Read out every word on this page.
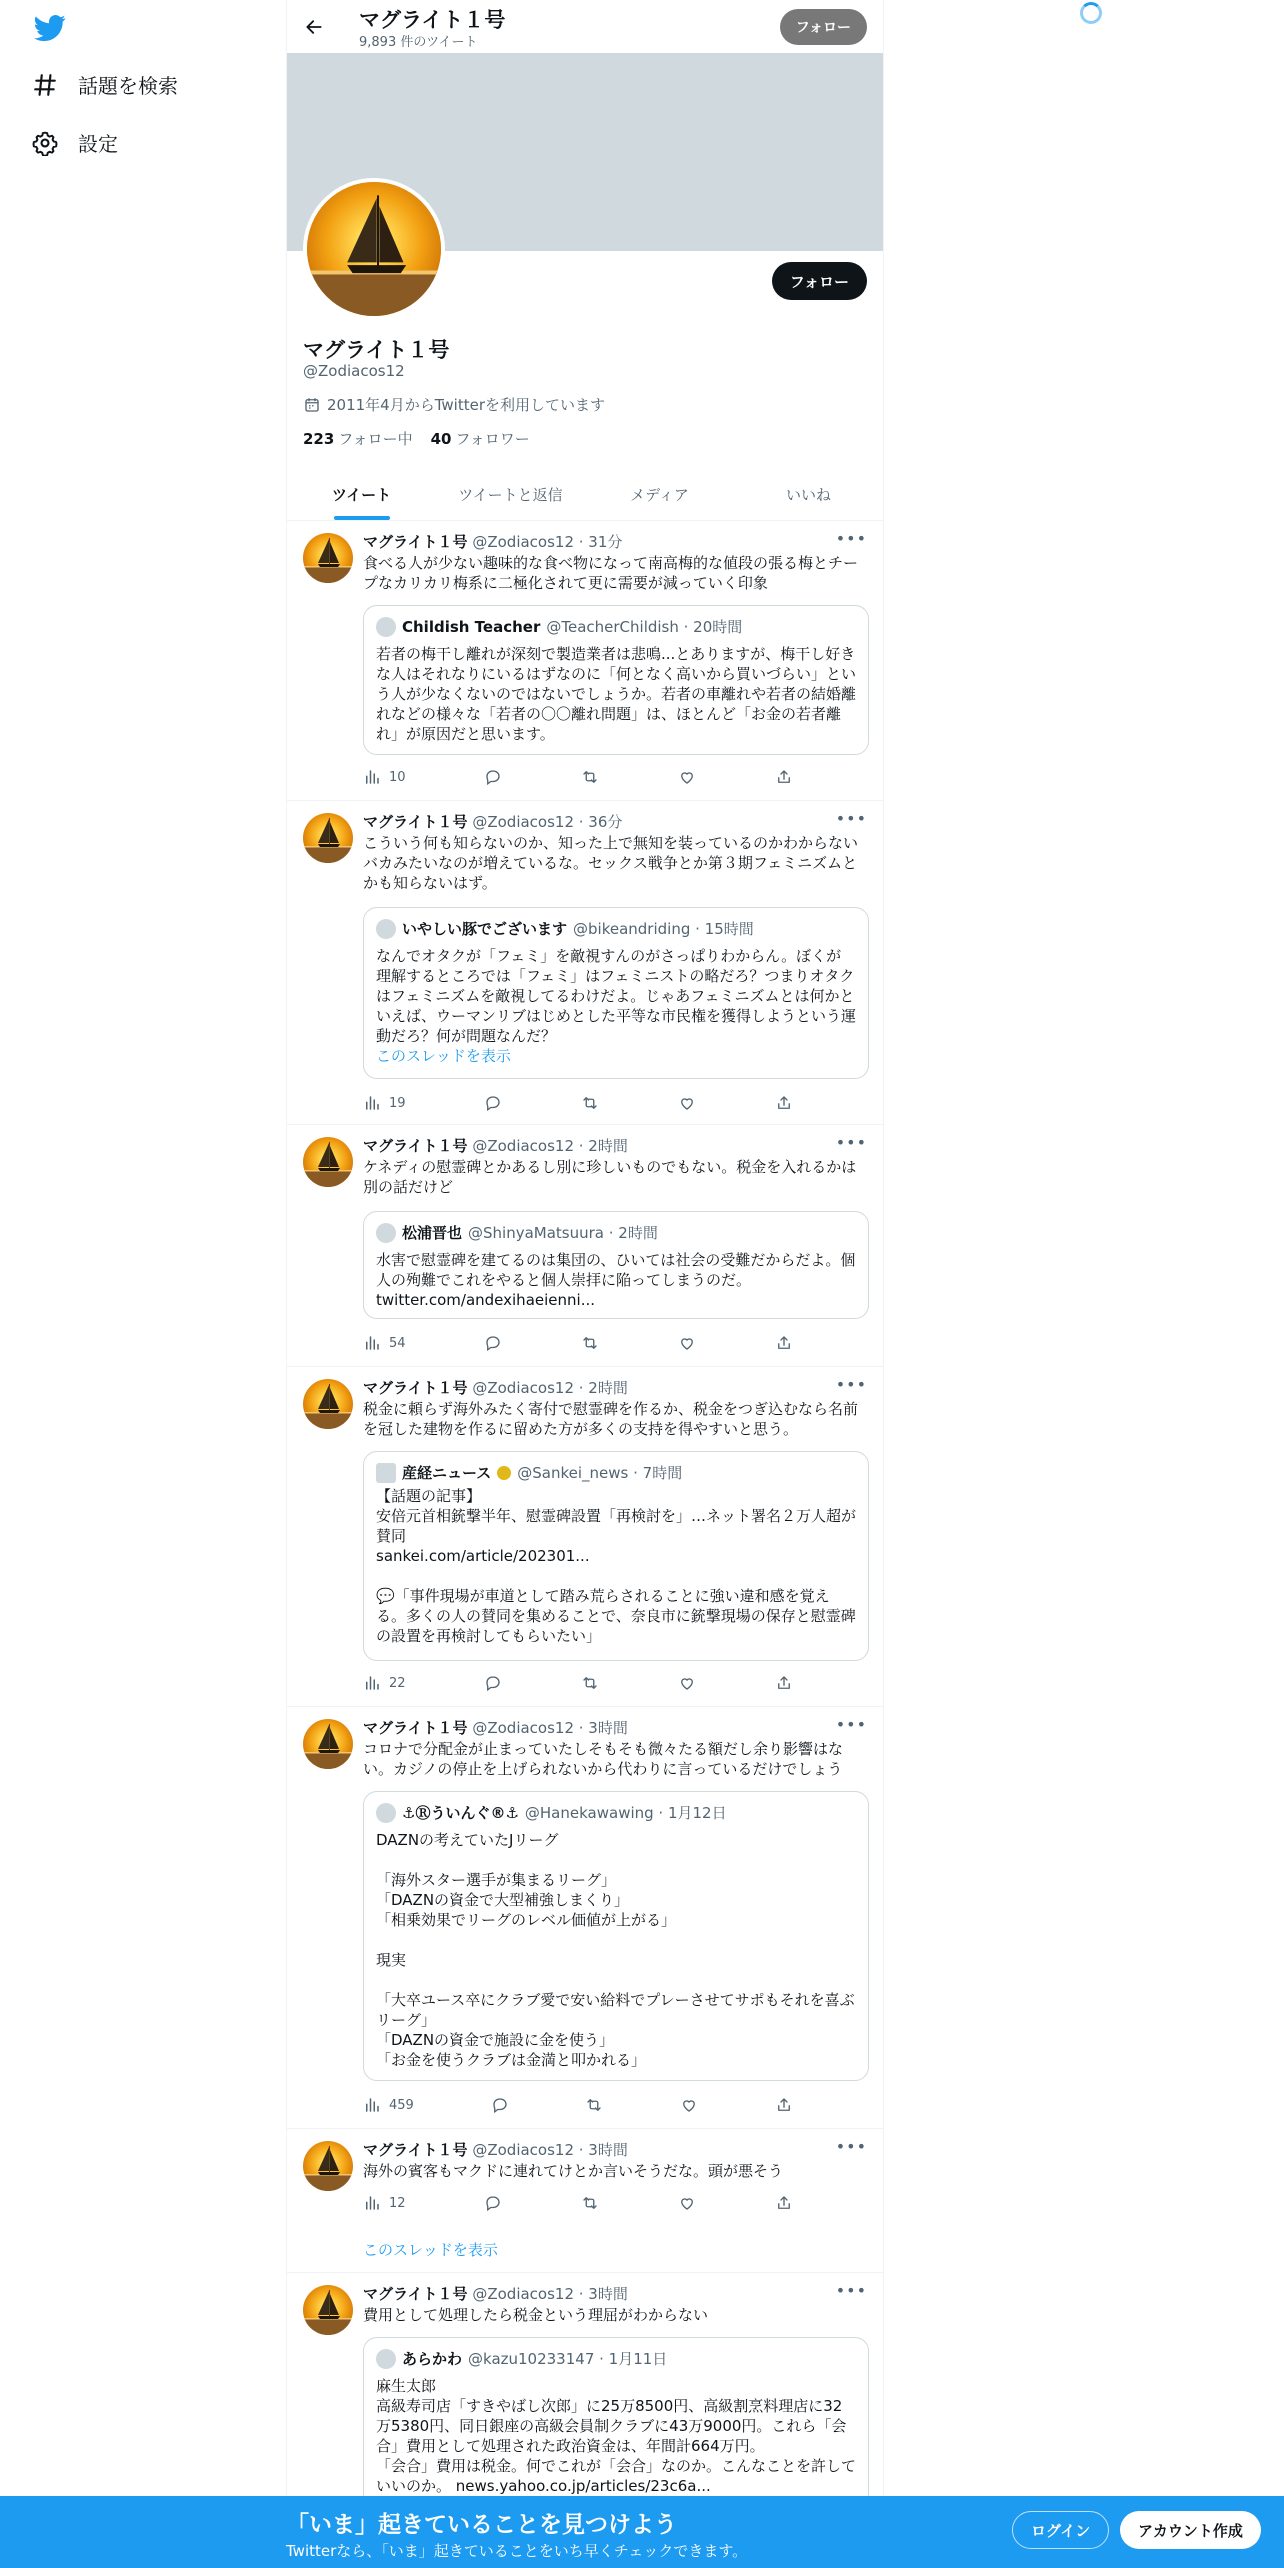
話題を検索
設定
マグライト１号
9,893 件のツイート
フォロー
フォロー
マグライト１号
@Zodiacos12
2011年4月からTwitterを利用しています
223 フォロー中 40 フォロワー
ツイート	ツイートと返信	メディア	いいね
マグライト１号 @Zodiacos12 · 31分	•••
食べる人が少ない趣味的な食べ物になって南高梅的な値段の張る梅とチープなカリカリ梅系に二極化されて更に需要が減っていく印象
Childish Teacher @TeacherChildish · 20時間
若者の梅干し離れが深刻で製造業者は悲鳴...とありますが、梅干し好きな人はそれなりにいるはずなのに「何となく高いから買いづらい」という人が少なくないのではないでしょうか。若者の車離れや若者の結婚離れなどの様々な「若者の〇〇離れ問題」は、ほとんど「お金の若者離れ」が原因だと思います。
10
マグライト１号 @Zodiacos12 · 36分	•••
こういう何も知らないのか、知った上で無知を装っているのかわからないバカみたいなのが増えているな。セックス戦争とか第３期フェミニズムとかも知らないはず。
いやしい豚でございます @bikeandriding · 15時間
なんでオタクが「フェミ」を敵視すんのがさっぱりわからん。ぼくが理解するところでは「フェミ」はフェミニストの略だろ？つまりオタクはフェミニズムを敵視してるわけだよ。じゃあフェミニズムとは何かといえば、ウーマンリブはじめとした平等な市民権を獲得しようという運動だろ？何が問題なんだ？
このスレッドを表示
19
マグライト１号 @Zodiacos12 · 2時間	•••
ケネディの慰霊碑とかあるし別に珍しいものでもない。税金を入れるかは別の話だけど
松浦晋也 @ShinyaMatsuura · 2時間
水害で慰霊碑を建てるのは集団の、ひいては社会の受難だからだよ。個人の殉難でこれをやると個人崇拝に陥ってしまうのだ。
twitter.com/andexihaeienni...
54
マグライト１号 @Zodiacos12 · 2時間	•••
税金に頼らず海外みたく寄付で慰霊碑を作るか、税金をつぎ込むなら名前を冠した建物を作るに留めた方が多くの支持を得やすいと思う。
産経ニュース @Sankei_news · 7時間
【話題の記事】
安倍元首相銃撃半年、慰霊碑設置「再検討を」…ネット署名２万人超が賛同
sankei.com/article/202301...

💬「事件現場が車道として踏み荒らされることに強い違和感を覚える。多くの人の賛同を集めることで、奈良市に銃撃現場の保存と慰霊碑の設置を再検討してもらいたい」
22
マグライト１号 @Zodiacos12 · 3時間	•••
コロナで分配金が止まっていたしそもそも微々たる額だし余り影響はない。カジノの停止を上げられないから代わりに言っているだけでしょう
⚓Ⓡういんぐ®⚓ @Hanekawawing · 1月12日
DAZNの考えていたJリーグ

「海外スター選手が集まるリーグ」
「DAZNの資金で大型補強しまくり」
「相乗効果でリーグのレベル価値が上がる」

現実

「大卒ユース卒にクラブ愛で安い給料でプレーさせてサポもそれを喜ぶリーグ」
「DAZNの資金で施設に金を使う」
「お金を使うクラブは金満と叩かれる」
459
マグライト１号 @Zodiacos12 · 3時間	•••
海外の賓客もマクドに連れてけとか言いそうだな。頭が悪そう
12
このスレッドを表示
マグライト１号 @Zodiacos12 · 3時間	•••
費用として処理したら税金という理屈がわからない
あらかわ @kazu10233147 · 1月11日
麻生太郎
高級寿司店「すきやばし次郎」に25万8500円、高級割烹料理店に32万5380円、同日銀座の高級会員制クラブに43万9000円。これら「会合」費用として処理された政治資金は、年間計664万円。
「会合」費用は税金。何でこれが「会合」なのか。こんなことを許していいのか。 news.yahoo.co.jp/articles/23c6a...
「いま」起きていることを見つけよう
Twitterなら、「いま」起きていることをいち早くチェックできます。
ログイン	アカウント作成
